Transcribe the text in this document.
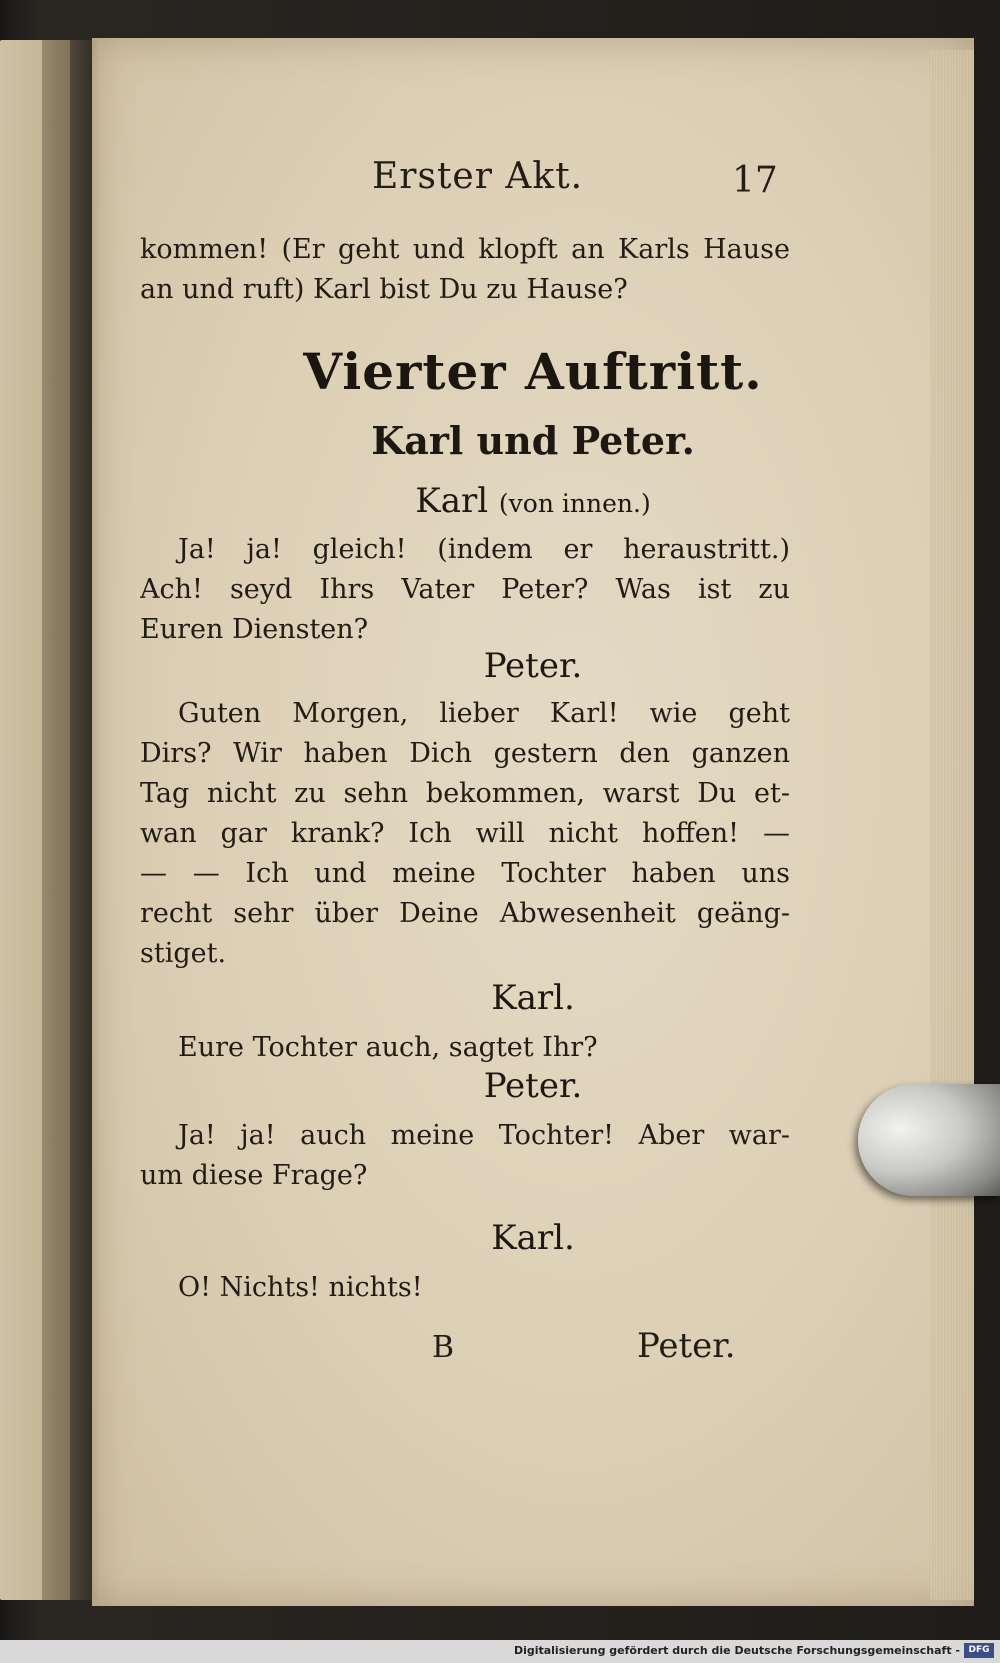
Erster Akt.	17
kommen! (Er geht und klopft an Karls Hause
an und ruft) Karl bist Du zu Hause?
Vierter Auftritt.
Karl und Peter.
Karl (von innen.)
Ja! ja! gleich! (indem er heraustritt.)
Ach! seyd Ihrs Vater Peter? Was ist zu
Euren Diensten?
Peter.
Guten Morgen, lieber Karl! wie geht
Dirs? Wir haben Dich gestern den ganzen
Tag nicht zu sehn bekommen, warst Du et-
wan gar krank? Ich will nicht hoffen! —
— — Ich und meine Tochter haben uns
recht sehr über Deine Abwesenheit geäng-
stiget.
Karl.
Eure Tochter auch, sagtet Ihr?
Peter.
Ja! ja! auch meine Tochter! Aber war-
um diese Frage?
Karl.
O! Nichts! nichts!
B	Peter.
Digitalisierung gefördert durch die Deutsche Forschungsgemeinschaft - DFG
